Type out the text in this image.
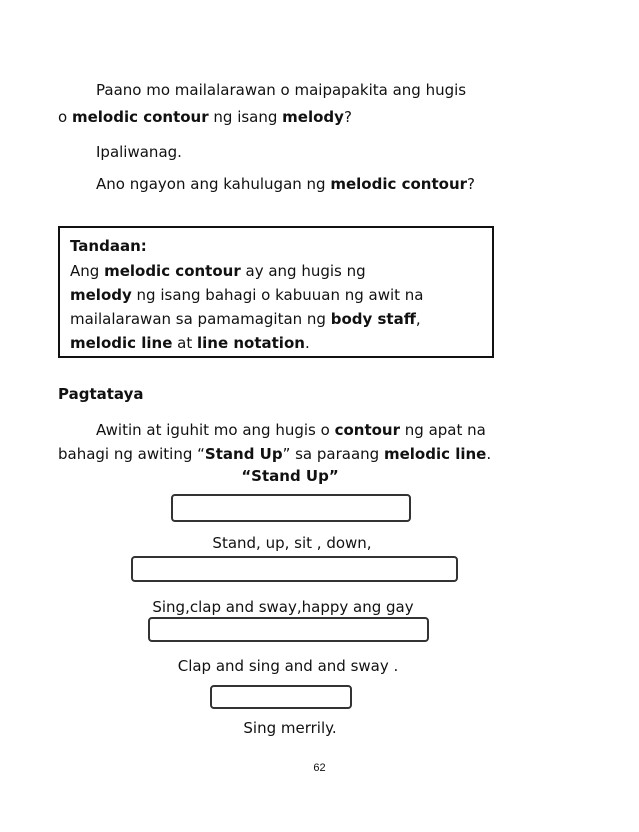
Paano mo mailalarawan o maipapakita ang hugis
o melodic contour ng isang melody?
Ipaliwanag.
Ano ngayon ang kahulugan ng melodic contour?
Tandaan:
Ang melodic contour ay ang hugis ng
melody ng isang bahagi o kabuuan ng awit na
mailalarawan sa pamamagitan ng body staff,
melodic line at line notation.
Pagtataya
Awitin at iguhit mo ang hugis o contour ng apat na
bahagi ng awiting “Stand Up” sa paraang melodic line.
“Stand Up”
Stand, up, sit , down,
Sing,clap and sway,happy ang gay
Clap and sing and and sway .
Sing merrily.
62
